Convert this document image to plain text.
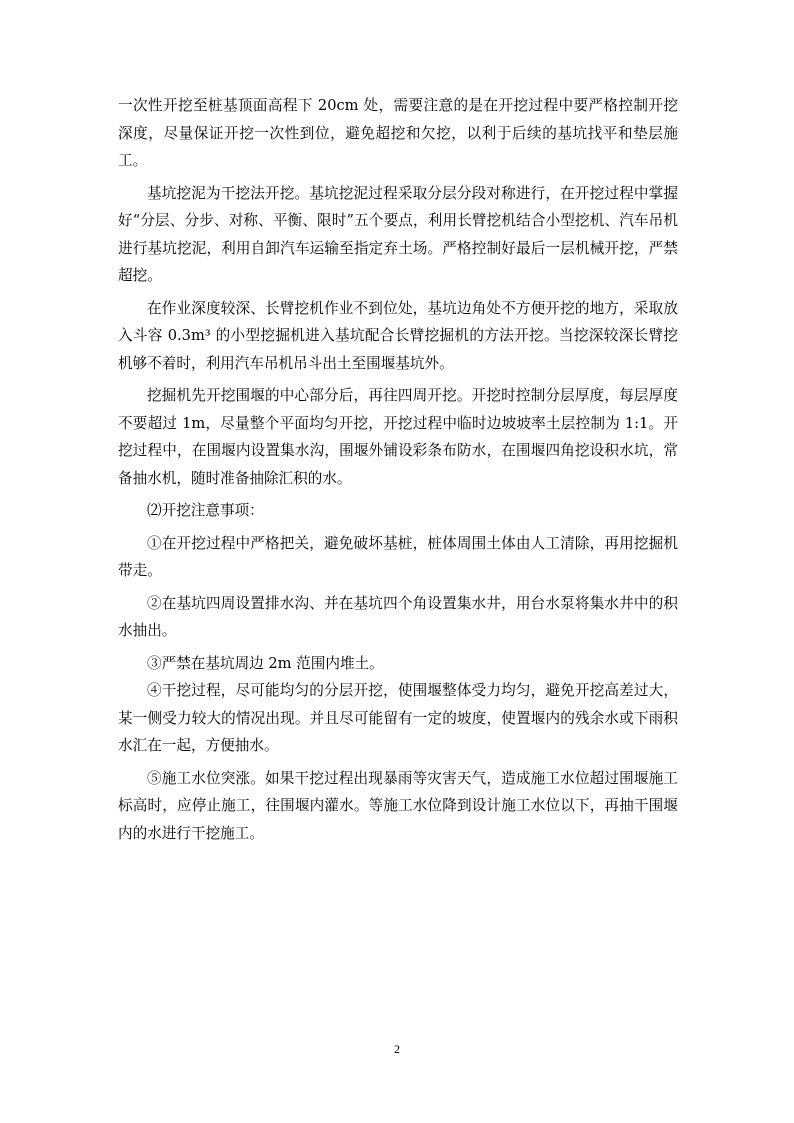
一次性开挖至桩基顶面高程下 20cm 处，需要注意的是在开挖过程中要严格控制开挖深度，尽量保证开挖一次性到位，避免超挖和欠挖，以利于后续的基坑找平和垫层施工。

基坑挖泥为干挖法开挖。基坑挖泥过程采取分层分段对称进行，在开挖过程中掌握好“分层、分步、对称、平衡、限时”五个要点，利用长臂挖机结合小型挖机、汽车吊机进行基坑挖泥，利用自卸汽车运输至指定弃土场。严格控制好最后一层机械开挖，严禁超挖。

在作业深度较深、长臂挖机作业不到位处，基坑边角处不方便开挖的地方，采取放入斗容 0.3m³ 的小型挖掘机进入基坑配合长臂挖掘机的方法开挖。当挖深较深长臂挖机够不着时，利用汽车吊机吊斗出土至围堰基坑外。

挖掘机先开挖围堰的中心部分后，再往四周开挖。开挖时控制分层厚度，每层厚度不要超过 1m，尽量整个平面均匀开挖，开挖过程中临时边坡坡率土层控制为 1:1。开挖过程中，在围堰内设置集水沟，围堰外铺设彩条布防水，在围堰四角挖设积水坑，常备抽水机，随时准备抽除汇积的水。

⑵开挖注意事项：

①在开挖过程中严格把关，避免破坏基桩，桩体周围土体由人工清除，再用挖掘机带走。

②在基坑四周设置排水沟、并在基坑四个角设置集水井，用台水泵将集水井中的积水抽出。

③严禁在基坑周边 2m 范围内堆土。

④干挖过程，尽可能均匀的分层开挖，使围堰整体受力均匀，避免开挖高差过大，某一侧受力较大的情况出现。并且尽可能留有一定的坡度，使置堰内的残余水或下雨积水汇在一起，方便抽水。

⑤施工水位突涨。如果干挖过程出现暴雨等灾害天气，造成施工水位超过围堰施工标高时，应停止施工，往围堰内灌水。等施工水位降到设计施工水位以下，再抽干围堰内的水进行干挖施工。

2
